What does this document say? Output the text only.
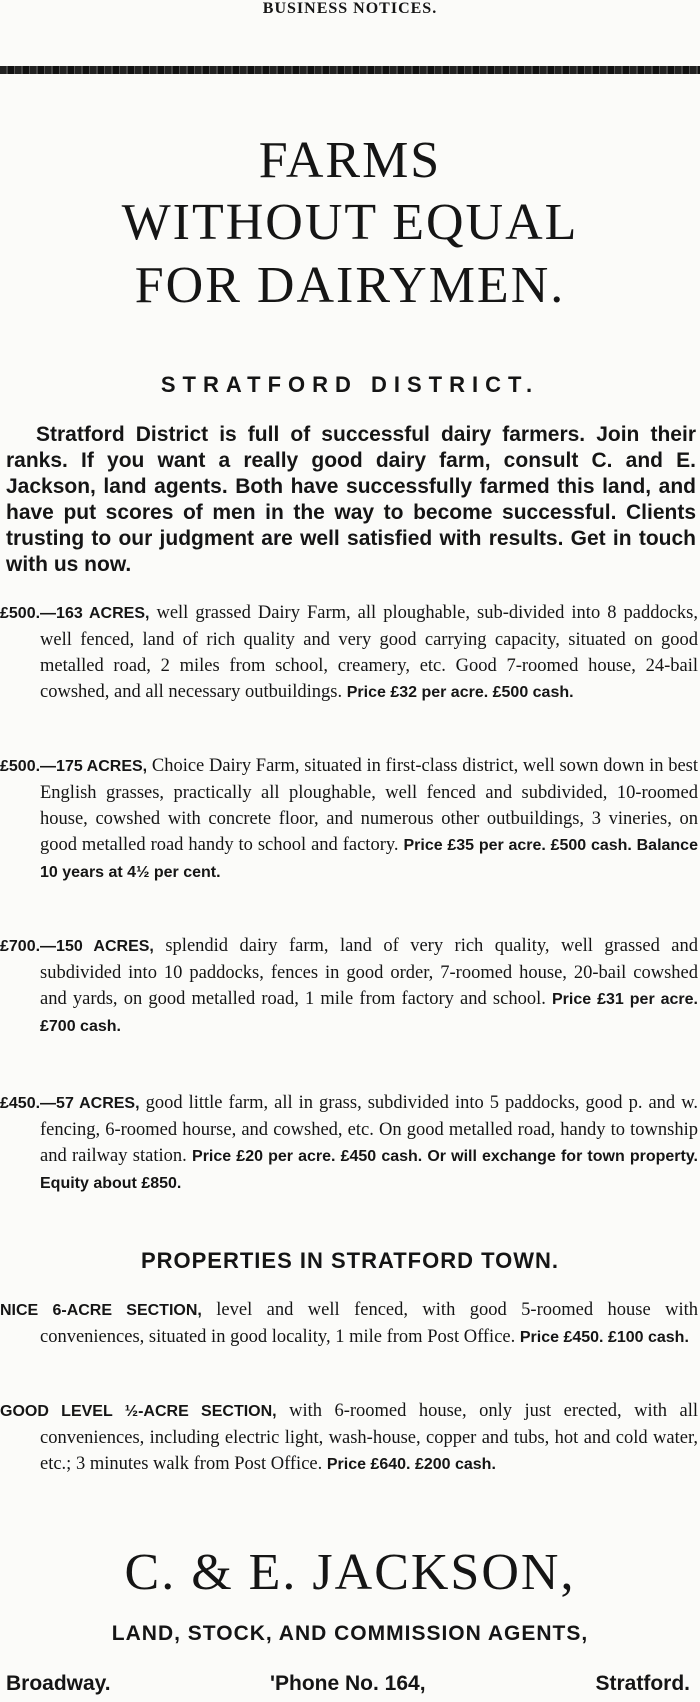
BUSINESS NOTICES.
FARMS
WITHOUT EQUAL
FOR DAIRYMEN.
STRATFORD DISTRICT.
Stratford District is full of successful dairy farmers. Join their ranks. If you want a really good dairy farm, consult C. and E. Jackson, land agents. Both have successfully farmed this land, and have put scores of men in the way to become successful. Clients trusting to our judgment are well satisfied with results. Get in touch with us now.

£500.—163 ACRES, well grassed Dairy Farm, all ploughable, sub-divided into 8 paddocks, well fenced, land of rich quality and very good carrying capacity, situated on good metalled road, 2 miles from school, creamery, etc. Good 7-roomed house, 24-bail cowshed, and all necessary outbuildings. Price £32 per acre. £500 cash.

£500.—175 ACRES, Choice Dairy Farm, situated in first-class district, well sown down in best English grasses, practically all ploughable, well fenced and subdivided, 10-roomed house, cowshed with concrete floor, and numerous other outbuildings, 3 vineries, on good metalled road handy to school and factory. Price £35 per acre. £500 cash. Balance 10 years at 4½ per cent.

£700.—150 ACRES, splendid dairy farm, land of very rich quality, well grassed and subdivided into 10 paddocks, fences in good order, 7-roomed house, 20-bail cowshed and yards, on good metalled road, 1 mile from factory and school. Price £31 per acre. £700 cash.

£450.—57 ACRES, good little farm, all in grass, subdivided into 5 paddocks, good p. and w. fencing, 6-roomed hourse, and cowshed, etc. On good metalled road, handy to township and railway station. Price £20 per acre. £450 cash. Or will exchange for town property. Equity about £850.

PROPERTIES IN STRATFORD TOWN.

NICE 6-ACRE SECTION, level and well fenced, with good 5-roomed house with conveniences, situated in good locality, 1 mile from Post Office. Price £450. £100 cash.

GOOD LEVEL ½-ACRE SECTION, with 6-roomed house, only just erected, with all conveniences, including electric light, wash-house, copper and tubs, hot and cold water, etc.; 3 minutes walk from Post Office. Price £640. £200 cash.

C. & E. JACKSON,
LAND, STOCK, AND COMMISSION AGENTS,
Broadway.	'Phone No. 164,	Stratford.
